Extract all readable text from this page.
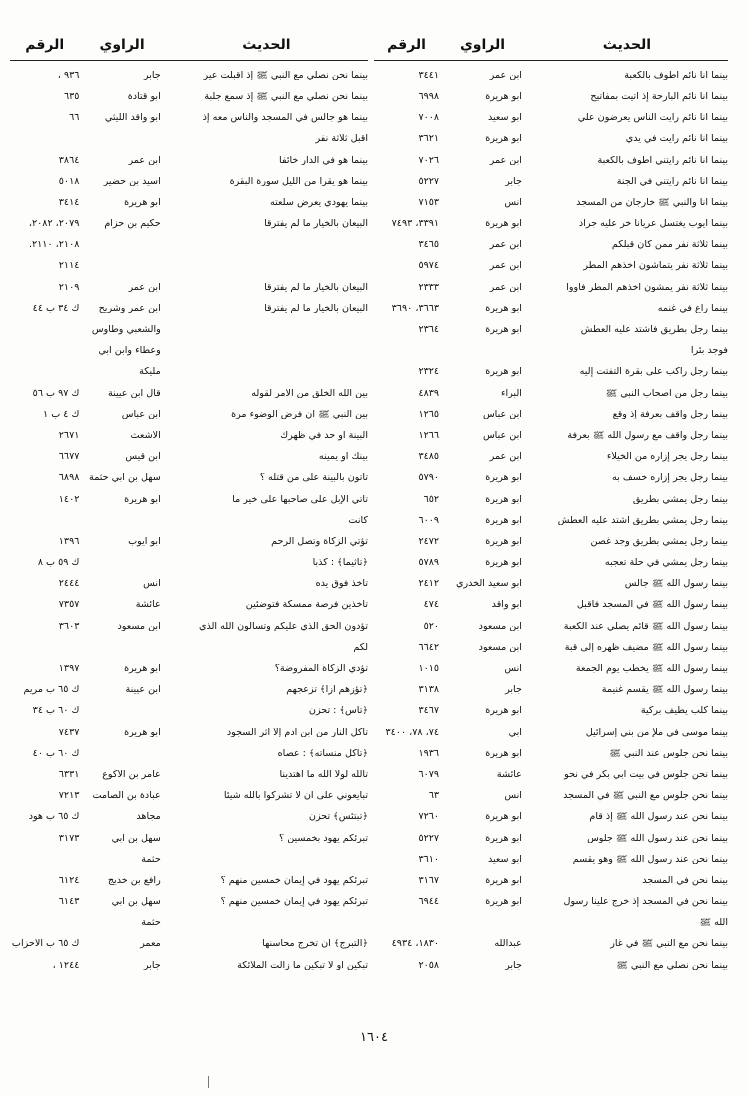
الحديث
الراوي
الرقم
بينما أنا نائم أطوف بالكعبة
ابن عمر
٣٤٤١
بينما أنا نائم البارحة إذ أتيت بمفاتيح
أبو هريرة
٦٩٩٨
بينما أنا نائم رأيت الناس يعرضون علي
أبو سعيد
٧٠٠٨
بينما أنا نائم رأيت في يدي
أبو هريرة
٣٦٢١
بينما أنا نائم رأيتني أطوف بالكعبة
ابن عمر
٧٠٢٦
بينما أنا نائم رأيتني في الجنة
جابر
٥٢٢٧
بينما أنا والنبي ﷺ خارجان من المسجد
أنس
٧١٥٣
بينما أيوب يغتسل عرياناً خر عليه جراد
أبو هريرة
٣٣٩١، ٧٤٩٣
بينما ثلاثة نفر ممن كان قبلكم
ابن عمر
٣٤٦٥
بينما ثلاثة نفر يتماشون أخذهم المطر
ابن عمر
٥٩٧٤
بينما ثلاثة نفر يمشون أخذهم المطر فأووا
ابن عمر
٢٣٣٣
بينما راع في غنمه
أبو هريرة
٣٦٦٣، ٣٦٩٠
بينما رجل بطريق فاشتد عليه العطش
أبو هريرة
٢٣٦٤
فوجد بئراً
بينما رجل راكب على بقرة التفتت إليه
أبو هريرة
٢٣٢٤
بينما رجل من أصحاب النبي ﷺ
البراء
٤٨٣٩
بينما رجل واقف بعرفة إذ وقع
ابن عباس
١٢٦٥
بينما رجل واقف مع رسول الله ﷺ بعرفة
ابن عباس
١٢٦٦
بينما رجل يجر إزاره من الخيلاء
ابن عمر
٣٤٨٥
بينما رجل يجر إزاره خسف به
أبو هريرة
٥٧٩٠
بينما رجل يمشي بطريق
أبو هريرة
٦٥٢
بينما رجل يمشي بطريق اشتد عليه العطش
أبو هريرة
٦٠٠٩
بينما رجل يمشي بطريق وجد غصن
أبو هريرة
٢٤٧٢
بينما رجل يمشي في حلة تعجبه
أبو هريرة
٥٧٨٩
بينما رسول الله ﷺ جالس
أبو سعيد الخدري
٢٤١٢
بينما رسول الله ﷺ في المسجد فأقبل
أبو واقد
٤٧٤
بينما رسول الله ﷺ قائم يصلي عند الكعبة
ابن مسعود
٥٢٠
بينما رسول الله ﷺ مضيف ظهره إلى قبة
ابن مسعود
٦٦٤٢
بينما رسول الله ﷺ يخطب يوم الجمعة
أنس
١٠١٥
بينما رسول الله ﷺ يقسم غنيمة
جابر
٣١٣٨
بينما كلب يطيف بركية
أبو هريرة
٣٤٦٧
بينما موسى في ملإ من بني إسرائيل
أبي
٧٤، ٧٨، ٣٤٠٠
بينما نحن جلوس عند النبي ﷺ
أبو هريرة
١٩٣٦
بينما نحن جلوس في بيت أبي بكر في نحو
عائشة
٦٠٧٩
بينما نحن جلوس مع النبي ﷺ في المسجد
أنس
٦٣
بينما نحن عند رسول الله ﷺ إذ قام
أبو هريرة
٧٢٦٠
بينما نحن عند رسول الله ﷺ جلوس
أبو هريرة
٥٢٢٧
بينما نحن عند رسول الله ﷺ وهو يقسم
أبو سعيد
٣٦١٠
بينما نحن في المسجد
أبو هريرة
٣١٦٧
بينما نحن في المسجد إذ خرج علينا رسول
أبو هريرة
٦٩٤٤
الله ﷺ
بينما نحن مع النبي ﷺ في غار
عبدالله
١٨٣٠، ٤٩٣٤
بينما نحن نصلي مع النبي ﷺ
جابر
٢٠٥٨
الحديث
الراوي
الرقم
بينما نحن نصلي مع النبي ﷺ إذ أقبلت عير
جابر
٩٣٦ ،
بينما نحن نصلي مع النبي ﷺ إذ سمع جلبة
أبو قتادة
٦٣٥
بينما هو جالس في المسجد والناس معه إذ
أبو واقد الليثي
٦٦
أقبل ثلاثة نفر
بينما هو في الدار خائفاً
ابن عمر
٣٨٦٤
بينما هو يقرأ من الليل سورة البقرة
أسيد بن حضير
٥٠١٨
بينما يهودي يعرض سلعته
أبو هريرة
٣٤١٤
البيعان بالخيار ما لم يفترقا
حكيم بن حزام
٢٠٧٩، ٢٠٨٢،
٢١٠٨، ٢١١٠.
٢١١٤
البيعان بالخيار ما لم يفترقا
ابن عمر
٢١٠٩
البيعان بالخيار ما لم يفترقا
ابن عمر وشريح
ك ٣٤ ب ٤٤
والشعبي وطاوس
وعطاء وابن أبي
مليكة
بين الله الخلق من الأمر لقوله
قال ابن عيينة
ك ٩٧ ب ٥٦
بين النبي ﷺ أن فرض الوضوء مرة
ابن عباس
ك ٤ ب ١
البينة أو حد في ظهرك
الأشعث
٢٦٧١
بينك أو يمينه
ابن قيس
٦٦٧٧
تأتون بالبينة على من قتله ؟
سهل بن أبي حثمة
٦٨٩٨
تأتي الإبل على صاحبها على خير ما
أبو هريرة
١٤٠٢
كانت
تؤتي الزكاة وتصل الرحم
أبو أيوب
١٣٩٦
﴿تأثيماً﴾ : كذباً
ك ٥٩ ب ٨
تأخذ فوق يده
أنس
٢٤٤٤
تأخذين فرصة ممسكة فتوضئين
عائشة
٧٣٥٧
تؤدون الحق الذي عليكم وتسألون الله الذي
ابن مسعود
٣٦٠٣
لكم
تؤدي الزكاة المفروضة؟
أبو هريرة
١٣٩٧
﴿تؤزهم أزاً﴾ تزعجهم
ابن عيينة
ك ٦٥ ب مريم
﴿تأس﴾ : تحزن
ك ٦٠ ب ٣٤
تأكل النار من ابن آدم إلا أثر السجود
أبو هريرة
٧٤٣٧
﴿تأكل منسأته﴾ : عصاه
ك ٦٠ ب ٤٠
تالله لولا الله ما اهتدينا
عامر بن الأكوع
٦٣٣١
تبايعوني على أن لا تشركوا بالله شيئاً
عبادة بن الصامت
٧٢١٣
﴿تبتئس﴾ تحزن
مجاهد
ك ٦٥ ب هود
تبرئكم يهود بخمسين ؟
سهل بن أبي
٣١٧٣
حثمة
تبرئكم يهود في إيمان خمسين منهم ؟
رافع بن خديج
٦١٢٤
تبرئكم يهود في إيمان خمسين منهم ؟
سهل بن أبي
٦١٤٣
حثمة
﴿التبرج﴾ أن تخرج محاسنها
معمر
ك ٦٥ ب الأحزاب
تبكين أو لا تبكين ما زالت الملائكة
جابر
١٢٤٤ ،
١٦٠٤
